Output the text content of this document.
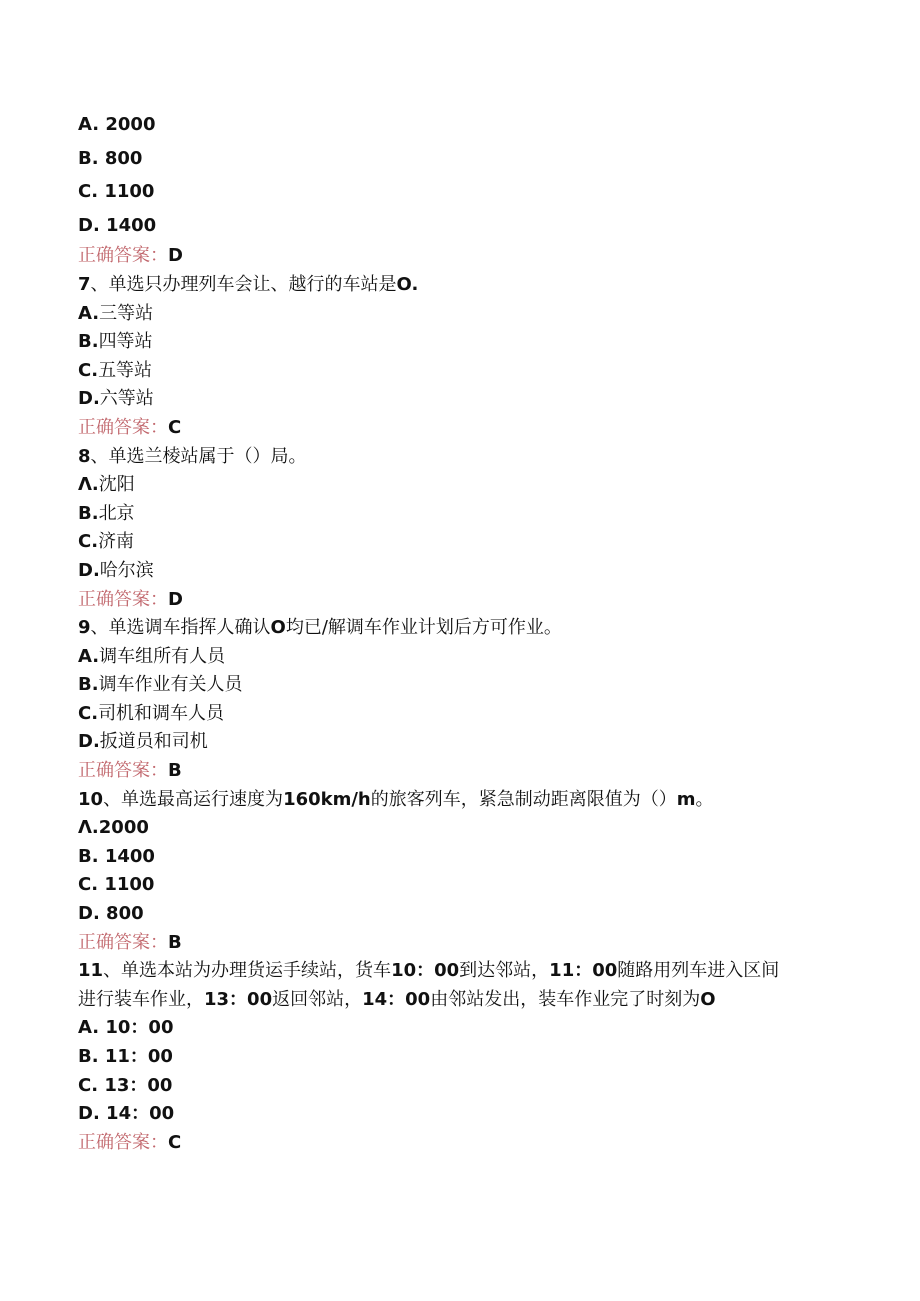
A. 2000
B. 800
C. 1100
D. 1400
正确答案：D
7、单选只办理列车会让、越行的车站是O.
A.三等站
B.四等站
C.五等站
D.六等站
正确答案：C
8、单选兰棱站属于（）局。
Λ.沈阳
B.北京
C.济南
D.哈尔滨
正确答案：D
9、单选调车指挥人确认O均已/解调车作业计划后方可作业。
A.调车组所有人员
B.调车作业有关人员
C.司机和调车人员
D.扳道员和司机
正确答案：B
10、单选最高运行速度为160km/h的旅客列车，紧急制动距离限值为（）m。
Λ.2000
B. 1400
C. 1100
D. 800
正确答案：B
11、单选本站为办理货运手续站，货车10：00到达邻站，11：00随路用列车进入区间
进行装车作业，13：00返回邻站，14：00由邻站发出，装车作业完了时刻为O
A. 10：00
B. 11：00
C. 13：00
D. 14：00
正确答案：C
